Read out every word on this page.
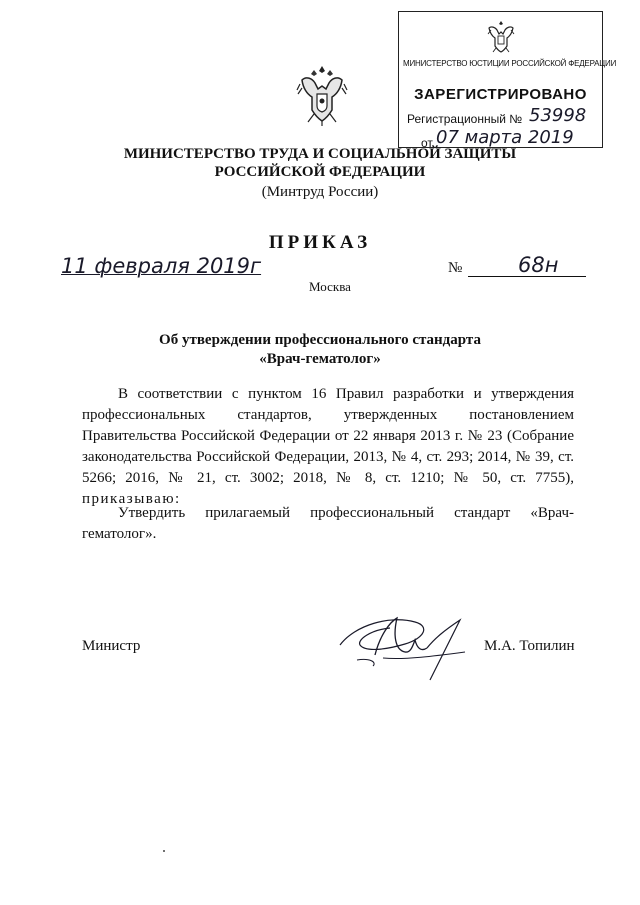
МИНИСТЕРСТВО ЮСТИЦИИ РОССИЙСКОЙ ФЕДЕРАЦИИ
ЗАРЕГИСТРИРОВАНО
Регистрационный № 53998
от 07 марта 2019
МИНИСТЕРСТВО ТРУДА И СОЦИАЛЬНОЙ ЗАЩИТЫ
РОССИЙСКОЙ ФЕДЕРАЦИИ
(Минтруд России)
ПРИКАЗ
11 февраля 2019г	№	68н
Москва
Об утверждении профессионального стандарта
«Врач-гематолог»
В соответствии с пунктом 16 Правил разработки и утверждения профессиональных стандартов, утвержденных постановлением Правительства Российской Федерации от 22 января 2013 г. № 23 (Собрание законодательства Российской Федерации, 2013, № 4, ст. 293; 2014, № 39, ст. 5266; 2016, № 21, ст. 3002; 2018, № 8, ст. 1210; № 50, ст. 7755), приказываю:
Утвердить прилагаемый профессиональный стандарт «Врач-гематолог».
Министр	М.А. Топилин
